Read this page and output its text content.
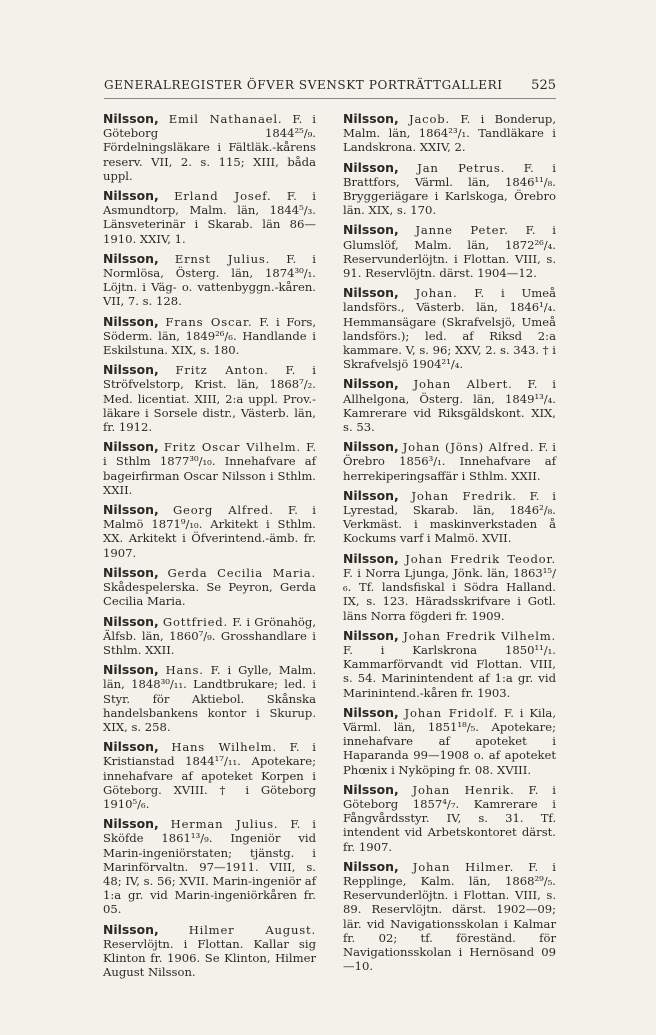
GENERALREGISTER ÖFVER SVENSKT PORTRÄTTGALLERI 525

Nilsson, Emil Nathanael. F. i Göteborg 1844²⁵/₉. Fördelningsläkare i Fältläk.-kårens reserv. VII, 2. s. 115; XIII, båda uppl.

Nilsson, Erland Josef. F. i Asmundtorp, Malm. län, 1844⁵/₃. Länsveterinär i Skarab. län 86—1910. XXIV, 1.

Nilsson, Ernst Julius. F. i Normlösa, Österg. län, 1874³⁰/₁. Löjtn. i Väg- o. vattenbyggn.-kåren. VII, 7. s. 128.

Nilsson, Frans Oscar. F. i Fors, Söderm. län, 1849²⁶/₆. Handlande i Eskilstuna. XIX, s. 180.

Nilsson, Fritz Anton. F. i Ströfvelstorp, Krist. län, 1868⁷/₂. Med. licentiat. XIII, 2:a uppl. Prov.-läkare i Sorsele distr., Västerb. län, fr. 1912.

Nilsson, Fritz Oscar Vilhelm. F. i Sthlm 1877³⁰/₁₀. Innehafvare af bageirfirman Oscar Nilsson i Sthlm. XXII.

Nilsson, Georg Alfred. F. i Malmö 1871⁹/₁₀. Arkitekt i Sthlm. XX. Arkitekt i Öfverintend.-ämb. fr. 1907.

Nilsson, Gerda Cecilia Maria. Skådespelerska. Se Peyron, Gerda Cecilia Maria.

Nilsson, Gottfried. F. i Grönahög, Älfsb. län, 1860⁷/₉. Grosshandlare i Sthlm. XXII.

Nilsson, Hans. F. i Gylle, Malm. län, 1848³⁰/₁₁. Landtbrukare; led. i Styr. för Aktiebol. Skånska handelsbankens kontor i Skurup. XIX, s. 258.

Nilsson, Hans Wilhelm. F. i Kristianstad 1844¹⁷/₁₁. Apotekare; innehafvare af apoteket Korpen i Göteborg. XVIII. † i Göteborg 1910⁵/₆.

Nilsson, Herman Julius. F. i Sköfde 1861¹³/₉. Ingeniör vid Marin-ingeniörstaten; tjänstg. i Marinförvaltn. 97—1911. VIII, s. 48; IV, s. 56; XVII. Marin-ingeniör af 1:a gr. vid Marin-ingeniörkåren fr. 05.

Nilsson,	Hilmer August. Reservlöjtn. i Flottan. Kallar sig Klinton fr. 1906. Se Klinton, Hilmer August Nilsson.

Nilsson, Jacob. F. i Bonderup, Malm. län, 1864²³/₁. Tandläkare i Landskrona. XXIV, 2.

Nilsson, Jan Petrus. F. i Brattfors, Värml. län, 1846¹¹/₈. Bryggeriägare i Karlskoga, Örebro län. XIX, s. 170.

Nilsson, Janne Peter. F. i Glumslöf, Malm. län, 1872²⁶/₄. Reservunderlöjtn. i Flottan. VIII, s. 91. Reservlöjtn. därst. 1904—12.

Nilsson, Johan. F. i Umeå landsförs., Västerb. län, 1846¹/₄. Hemmansägare (Skrafvelsjö, Umeå landsförs.); led. af Riksd 2:a kammare. V, s. 96; XXV, 2. s. 343. † i Skrafvelsjö 1904²¹/₄.

Nilsson, Johan Albert. F. i Allhelgona, Österg. län, 1849¹³/₄. Kamrerare vid Riksgäldskont. XIX, s. 53.

Nilsson, Johan (Jöns) Alfred. F. i Örebro 1856³/₁. Innehafvare af herrekiperingsaffär i Sthlm. XXII.

Nilsson, Johan Fredrik. F. i Lyrestad, Skarab. län, 1846²/₈. Verkmäst. i maskinverkstaden å Kockums varf i Malmö. XVII.

Nilsson, Johan Fredrik Teodor. F. i Norra Ljunga, Jönk. län, 1863¹⁵/₆. Tf. landsfiskal i Södra Halland. IX, s. 123. Häradsskrifvare i Gotl. läns Norra fögderi fr. 1909.

Nilsson, Johan Fredrik Vilhelm. F. i Karlskrona 1850¹¹/₁. Kammarförvandt vid Flottan. VIII, s. 54. Marinintendent af 1:a gr. vid Marinintend.-kåren fr. 1903.

Nilsson, Johan Fridolf. F. i Kila, Värml. län, 1851¹⁸/₅. Apotekare; innehafvare af apoteket i Haparanda 99—1908 o. af apoteket Phœnix i Nyköping fr. 08. XVIII.

Nilsson, Johan Henrik. F. i Göteborg 1857⁴/₇. Kamrerare i Fångvårdsstyr. IV, s. 31. Tf. intendent vid Arbetskontoret därst. fr. 1907.

Nilsson, Johan Hilmer. F. i Repplinge, Kalm. län, 1868²⁹/₅. Reservunderlöjtn. i Flottan. VIII, s. 89. Reservlöjtn. därst. 1902—09; lär. vid Navigationsskolan i Kalmar fr. 02; tf. föreständ. för Navigationsskolan i Hernösand 09—10.
